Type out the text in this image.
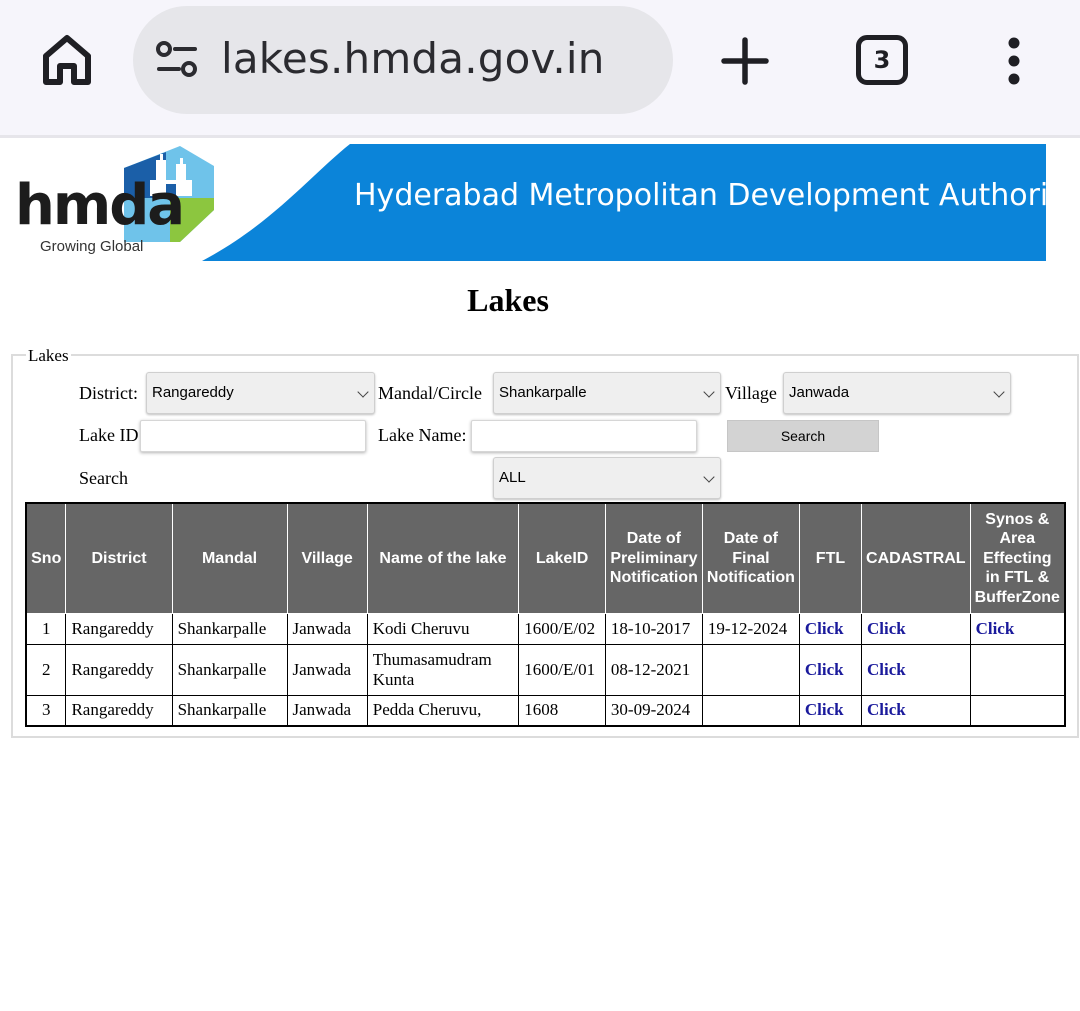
lakes.hmda.gov.in	3
hmda
Growing Global
Hyderabad Metropolitan Development Authority
Lakes
Lakes
District: Rangareddy	Mandal/Circle	Shankarpalle	Village Janwada
Lake ID	Lake Name:	Search
Search	ALL
Sno	District	Mandal	Village	Name of the lake	LakeID	Date of Preliminary Notification	Date of Final Notification	FTL	CADASTRAL	Synos & Area Effecting in FTL & BufferZone
1	Rangareddy	Shankarpalle	Janwada	Kodi Cheruvu	1600/E/02	18-10-2017	19-12-2024	Click	Click	Click
2	Rangareddy	Shankarpalle	Janwada	Thumasamudram Kunta	1600/E/01	08-12-2021		Click	Click	
3	Rangareddy	Shankarpalle	Janwada	Pedda Cheruvu,	1608	30-09-2024		Click	Click	
